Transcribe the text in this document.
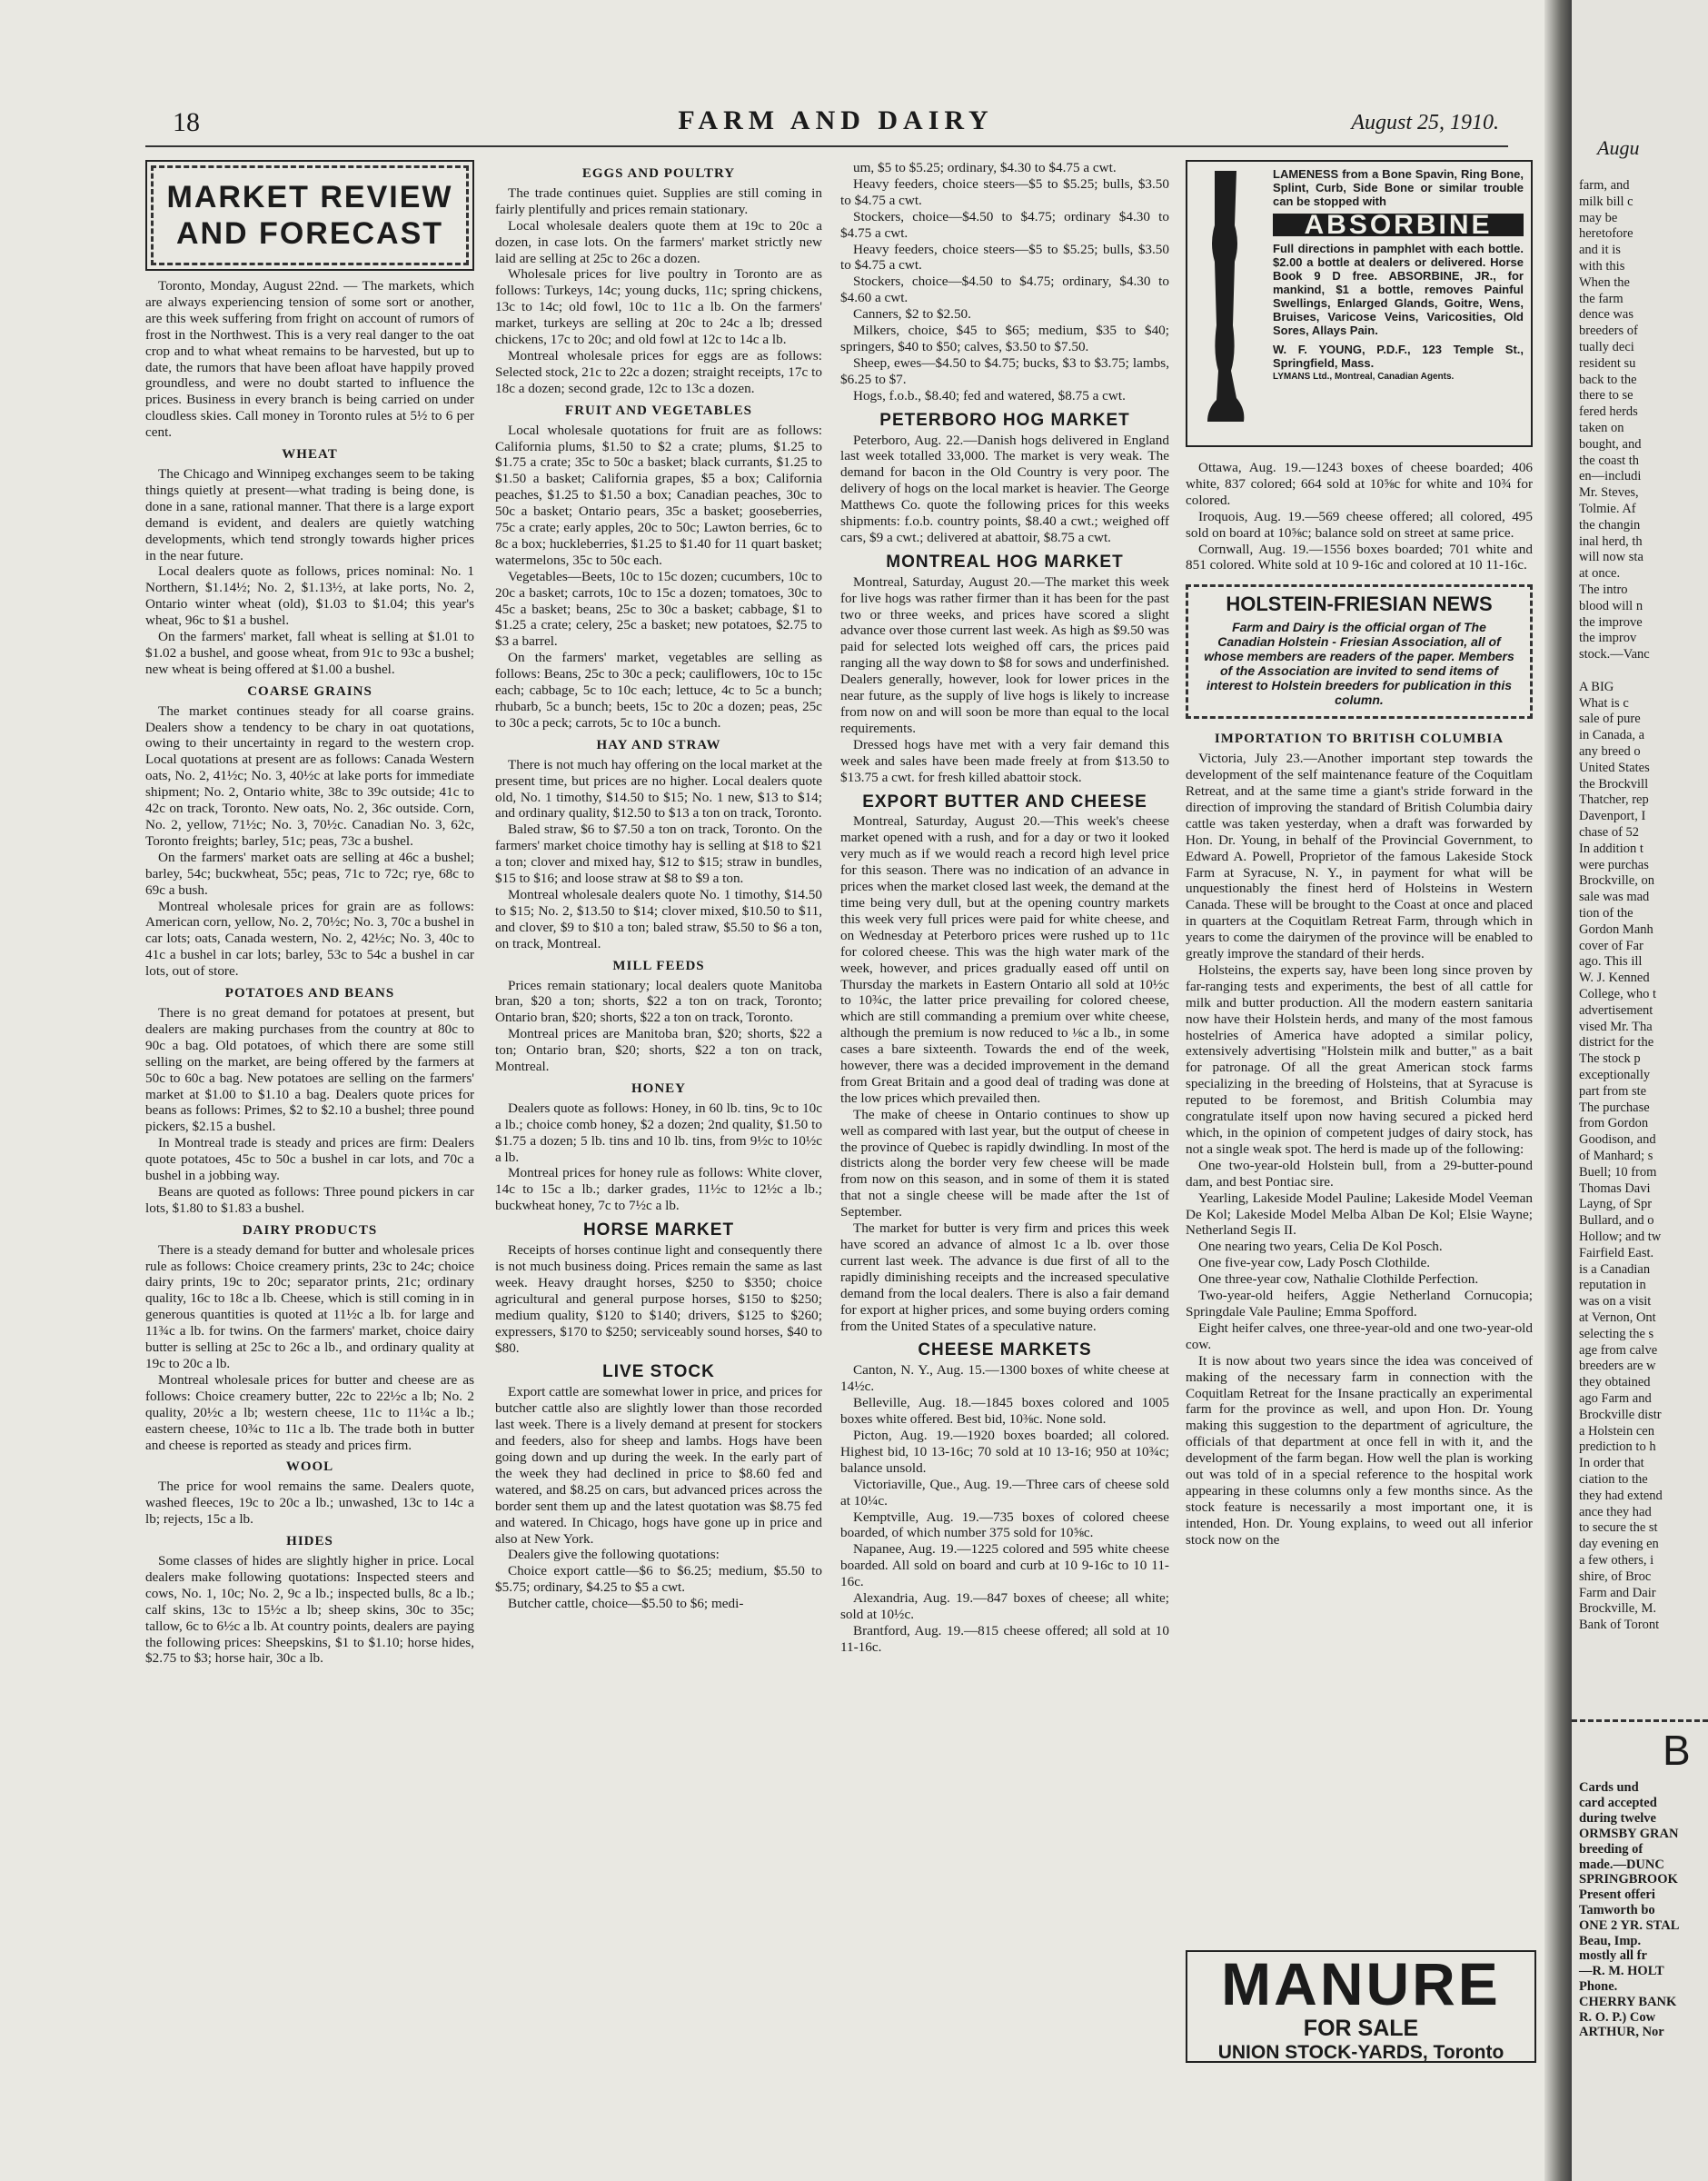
18	FARM AND DAIRY	August 25, 1910.
MARKET REVIEW AND FORECAST

Toronto, Monday, August 22nd. — The markets, which are always experiencing tension of some sort or another, are this week suffering from fright on account of rumors of frost in the Northwest. This is a very real danger to the oat crop and to what wheat remains to be harvested, but up to date, the rumors that have been afloat have happily proved groundless, and were no doubt started to influence the prices. Business in every branch is being carried on under cloudless skies. Call money in Toronto rules at 5½ to 6 per cent.

WHEAT

The Chicago and Winnipeg exchanges seem to be taking things quietly at present—what trading is being done, is done in a sane, rational manner. That there is a large export demand is evident, and dealers are quietly watching developments, which tend strongly towards higher prices in the near future.

Local dealers quote as follows, prices nominal: No. 1 Northern, $1.14½; No. 2, $1.13½, at lake ports, No. 2, Ontario winter wheat (old), $1.03 to $1.04; this year's wheat, 96c to $1 a bushel.

On the farmers' market, fall wheat is selling at $1.01 to $1.02 a bushel, and goose wheat, from 91c to 93c a bushel; new wheat is being offered at $1.00 a bushel.

COARSE GRAINS

The market continues steady for all coarse grains. Dealers show a tendency to be chary in oat quotations, owing to their uncertainty in regard to the western crop. Local quotations at present are as follows: Canada Western oats, No. 2, 41½c; No. 3, 40½c at lake ports for immediate shipment; No. 2, Ontario white, 38c to 39c outside; 41c to 42c on track, Toronto. New oats, No. 2, 36c outside. Corn, No. 2, yellow, 71½c; No. 3, 70½c. Canadian No. 3, 62c, Toronto freights; barley, 51c; peas, 73c a bushel.

On the farmers' market oats are selling at 46c a bushel; barley, 54c; buckwheat, 55c; peas, 71c to 72c; rye, 68c to 69c a bush.

Montreal wholesale prices for grain are as follows: American corn, yellow, No. 2, 70½c; No. 3, 70c a bushel in car lots; oats, Canada western, No. 2, 42½c; No. 3, 40c to 41c a bushel in car lots; barley, 53c to 54c a bushel in car lots, out of store.

POTATOES AND BEANS

There is no great demand for potatoes at present, but dealers are making purchases from the country at 80c to 90c a bag. Old potatoes, of which there are some still selling on the market, are being offered by the farmers at 50c to 60c a bag. New potatoes are selling on the farmers' market at $1.00 to $1.10 a bag. Dealers quote prices for beans as follows: Primes, $2 to $2.10 a bushel; three pound pickers, $2.15 a bushel.

In Montreal trade is steady and prices are firm: Dealers quote potatoes, 45c to 50c a bushel in car lots, and 70c a bushel in a jobbing way.

Beans are quoted as follows: Three pound pickers in car lots, $1.80 to $1.83 a bushel.

DAIRY PRODUCTS

There is a steady demand for butter and wholesale prices rule as follows: Choice creamery prints, 23c to 24c; choice dairy prints, 19c to 20c; separator prints, 21c; ordinary quality, 16c to 18c a lb. Cheese, which is still coming in in generous quantities is quoted at 11½c a lb. for large and 11¾c a lb. for twins. On the farmers' market, choice dairy butter is selling at 25c to 26c a lb., and ordinary quality at 19c to 20c a lb.

Montreal wholesale prices for butter and cheese are as follows: Choice creamery butter, 22c to 22½c a lb; No. 2 quality, 20½c a lb; western cheese, 11c to 11¼c a lb.; eastern cheese, 10¾c to 11c a lb. The trade both in butter and cheese is reported as steady and prices firm.

WOOL

The price for wool remains the same. Dealers quote, washed fleeces, 19c to 20c a lb.; unwashed, 13c to 14c a lb; rejects, 15c a lb.

HIDES

Some classes of hides are slightly higher in price. Local dealers make following quotations: Inspected steers and cows, No. 1, 10c; No. 2, 9c a lb.; inspected bulls, 8c a lb.; calf skins, 13c to 15½c a lb; sheep skins, 30c to 35c; tallow, 6c to 6½c a lb. At country points, dealers are paying the following prices: Sheepskins, $1 to $1.10; horse hides, $2.75 to $3; horse hair, 30c a lb.

EGGS AND POULTRY

The trade continues quiet. Supplies are still coming in fairly plentifully and prices remain stationary.

Local wholesale dealers quote them at 19c to 20c a dozen, in case lots. On the farmers' market strictly new laid are selling at 25c to 26c a dozen.

Wholesale prices for live poultry in Toronto are as follows: Turkeys, 14c; young ducks, 11c; spring chickens, 13c to 14c; old fowl, 10c to 11c a lb. On the farmers' market, turkeys are selling at 20c to 24c a lb; dressed chickens, 17c to 20c; and old fowl at 12c to 14c a lb.

Montreal wholesale prices for eggs are as follows: Selected stock, 21c to 22c a dozen; straight receipts, 17c to 18c a dozen; second grade, 12c to 13c a dozen.

FRUIT AND VEGETABLES

Local wholesale quotations for fruit are as follows: California plums, $1.50 to $2 a crate; plums, $1.25 to $1.75 a crate; 35c to 50c a basket; black currants, $1.25 to $1.50 a basket; California grapes, $5 a box; California peaches, $1.25 to $1.50 a box; Canadian peaches, 30c to 50c a basket; Ontario pears, 35c a basket; gooseberries, 75c a crate; early apples, 20c to 50c; Lawton berries, 6c to 8c a box; huckleberries, $1.25 to $1.40 for 11 quart basket; watermelons, 35c to 50c each.

Vegetables—Beets, 10c to 15c dozen; cucumbers, 10c to 20c a basket; carrots, 10c to 15c a dozen; tomatoes, 30c to 45c a basket; beans, 25c to 30c a basket; cabbage, $1 to $1.25 a crate; celery, 25c a basket; new potatoes, $2.75 to $3 a barrel.

On the farmers' market, vegetables are selling as follows: Beans, 25c to 30c a peck; cauliflowers, 10c to 15c each; cabbage, 5c to 10c each; lettuce, 4c to 5c a bunch; rhubarb, 5c a bunch; beets, 15c to 20c a dozen; peas, 25c to 30c a peck; carrots, 5c to 10c a bunch.

HAY AND STRAW

There is not much hay offering on the local market at the present time, but prices are no higher. Local dealers quote old, No. 1 timothy, $14.50 to $15; No. 1 new, $13 to $14; and ordinary quality, $12.50 to $13 a ton on track, Toronto.

Baled straw, $6 to $7.50 a ton on track, Toronto. On the farmers' market choice timothy hay is selling at $18 to $21 a ton; clover and mixed hay, $12 to $15; straw in bundles, $15 to $16; and loose straw at $8 to $9 a ton.

Montreal wholesale dealers quote No. 1 timothy, $14.50 to $15; No. 2, $13.50 to $14; clover mixed, $10.50 to $11, and clover, $9 to $10 a ton; baled straw, $5.50 to $6 a ton, on track, Montreal.

MILL FEEDS

Prices remain stationary; local dealers quote Manitoba bran, $20 a ton; shorts, $22 a ton on track, Toronto; Ontario bran, $20; shorts, $22 a ton on track, Toronto.

Montreal prices are Manitoba bran, $20; shorts, $22 a ton; Ontario bran, $20; shorts, $22 a ton on track, Montreal.

HONEY

Dealers quote as follows: Honey, in 60 lb. tins, 9c to 10c a lb.; choice comb honey, $2 a dozen; 2nd quality, $1.50 to $1.75 a dozen; 5 lb. tins and 10 lb. tins, from 9½c to 10½c a lb.

Montreal prices for honey rule as follows: White clover, 14c to 15c a lb.; darker grades, 11½c to 12½c a lb.; buckwheat honey, 7c to 7½c a lb.

HORSE MARKET

Receipts of horses continue light and consequently there is not much business doing. Prices remain the same as last week. Heavy draught horses, $250 to $350; choice agricultural and general purpose horses, $150 to $250; medium quality, $120 to $140; drivers, $125 to $260; expressers, $170 to $250; serviceably sound horses, $40 to $80.

LIVE STOCK

Export cattle are somewhat lower in price, and prices for butcher cattle also are slightly lower than those recorded last week. There is a lively demand at present for stockers and feeders, also for sheep and lambs. Hogs have been going down and up during the week. In the early part of the week they had declined in price to $8.60 fed and watered, and $8.25 on cars, but advanced prices across the border sent them up and the latest quotation was $8.75 fed and watered. In Chicago, hogs have gone up in price and also at New York.

Dealers give the following quotations:

Choice export cattle—$6 to $6.25; medium, $5.50 to $5.75; ordinary, $4.25 to $5 a cwt.

Butcher cattle, choice—$5.50 to $6; medi-

um, $5 to $5.25; ordinary, $4.30 to $4.75 a cwt.

Heavy feeders, choice steers—$5 to $5.25; bulls, $3.50 to $4.75 a cwt.

Stockers, choice—$4.50 to $4.75; ordinary $4.30 to $4.75 a cwt.

Heavy feeders, choice steers—$5 to $5.25; bulls, $3.50 to $4.75 a cwt.

Stockers, choice—$4.50 to $4.75; ordinary, $4.30 to $4.60 a cwt.

Canners, $2 to $2.50.

Milkers, choice, $45 to $65; medium, $35 to $40; springers, $40 to $50; calves, $3.50 to $7.50.

Sheep, ewes—$4.50 to $4.75; bucks, $3 to $3.75; lambs, $6.25 to $7.

Hogs, f.o.b., $8.40; fed and watered, $8.75 a cwt.

PETERBORO HOG MARKET

Peterboro, Aug. 22.—Danish hogs delivered in England last week totalled 33,000. The market is very weak. The demand for bacon in the Old Country is very poor. The delivery of hogs on the local market is heavier. The George Matthews Co. quote the following prices for this weeks shipments: f.o.b. country points, $8.40 a cwt.; weighed off cars, $9 a cwt.; delivered at abattoir, $8.75 a cwt.

MONTREAL HOG MARKET

Montreal, Saturday, August 20.—The market this week for live hogs was rather firmer than it has been for the past two or three weeks, and prices have scored a slight advance over those current last week. As high as $9.50 was paid for selected lots weighed off cars, the prices paid ranging all the way down to $8 for sows and underfinished. Dealers generally, however, look for lower prices in the near future, as the supply of live hogs is likely to increase from now on and will soon be more than equal to the local requirements.

Dressed hogs have met with a very fair demand this week and sales have been made freely at from $13.50 to $13.75 a cwt. for fresh killed abattoir stock.

EXPORT BUTTER AND CHEESE

Montreal, Saturday, August 20.—This week's cheese market opened with a rush, and for a day or two it looked very much as if we would reach a record high level price for this season. There was no indication of an advance in prices when the market closed last week, the demand at the time being very dull, but at the opening country markets this week very full prices were paid for white cheese, and on Wednesday at Peterboro prices were rushed up to 11c for colored cheese. This was the high water mark of the week, however, and prices gradually eased off until on Thursday the markets in Eastern Ontario all sold at 10½c to 10¾c, the latter price prevailing for colored cheese, which are still commanding a premium over white cheese, although the premium is now reduced to ⅛c a lb., in some cases a bare sixteenth. Towards the end of the week, however, there was a decided improvement in the demand from Great Britain and a good deal of trading was done at the low prices which prevailed then.

The make of cheese in Ontario continues to show up well as compared with last year, but the output of cheese in the province of Quebec is rapidly dwindling. In most of the districts along the border very few cheese will be made from now on this season, and in some of them it is stated that not a single cheese will be made after the 1st of September.

The market for butter is very firm and prices this week have scored an advance of almost 1c a lb. over those current last week. The advance is due first of all to the rapidly diminishing receipts and the increased speculative demand from the local dealers. There is also a fair demand for export at higher prices, and some buying orders coming from the United States of a speculative nature.

CHEESE MARKETS

Canton, N. Y., Aug. 15.—1300 boxes of white cheese at 14½c.

Belleville, Aug. 18.—1845 boxes colored and 1005 boxes white offered. Best bid, 10⅜c. None sold.

Picton, Aug. 19.—1920 boxes boarded; all colored. Highest bid, 10 13-16c; 70 sold at 10 13-16; 950 at 10¾c; balance unsold.

Victoriaville, Que., Aug. 19.—Three cars of cheese sold at 10¼c.

Kemptville, Aug. 19.—735 boxes of colored cheese boarded, of which number 375 sold for 10⅝c.

Napanee, Aug. 19.—1225 colored and 595 white cheese boarded. All sold on board and curb at 10 9-16c to 10 11-16c.

Alexandria, Aug. 19.—847 boxes of cheese; all white; sold at 10½c.

Brantford, Aug. 19.—815 cheese offered; all sold at 10 11-16c.

LAMENESS from a Bone Spavin, Ring Bone, Splint, Curb, Side Bone or similar trouble can be stopped with
ABSORBINE
Full directions in pamphlet with each bottle. $2.00 a bottle at dealers or delivered. Horse Book 9 D free. ABSORBINE, JR., for mankind, $1 a bottle, removes Painful Swellings, Enlarged Glands, Goitre, Wens, Bruises, Varicose Veins, Varicosities, Old Sores, Allays Pain.
W. F. YOUNG, P.D.F., 123 Temple St., Springfield, Mass.
LYMANS Ltd., Montreal, Canadian Agents.

Ottawa, Aug. 19.—1243 boxes of cheese boarded; 406 white, 837 colored; 664 sold at 10⅝c for white and 10¾ for colored.

Iroquois, Aug. 19.—569 cheese offered; all colored, 495 sold on board at 10⅝c; balance sold on street at same price.

Cornwall, Aug. 19.—1556 boxes boarded; 701 white and 851 colored. White sold at 10 9-16c and colored at 10 11-16c.

HOLSTEIN-FRIESIAN NEWS
Farm and Dairy is the official organ of The Canadian Holstein - Friesian Association, all of whose members are readers of the paper. Members of the Association are invited to send items of interest to Holstein breeders for publication in this column.
IMPORTATION TO BRITISH COLUMBIA

Victoria, July 23.—Another important step towards the development of the self maintenance feature of the Coquitlam Retreat, and at the same time a giant's stride forward in the direction of improving the standard of British Columbia dairy cattle was taken yesterday, when a draft was forwarded by Hon. Dr. Young, in behalf of the Provincial Government, to Edward A. Powell, Proprietor of the famous Lakeside Stock Farm at Syracuse, N. Y., in payment for what will be unquestionably the finest herd of Holsteins in Western Canada. These will be brought to the Coast at once and placed in quarters at the Coquitlam Retreat Farm, through which in years to come the dairymen of the province will be enabled to greatly improve the standard of their herds.

Holsteins, the experts say, have been long since proven by far-ranging tests and experiments, the best of all cattle for milk and butter production. All the modern eastern sanitaria now have their Holstein herds, and many of the most famous hostelries of America have adopted a similar policy, extensively advertising "Holstein milk and butter," as a bait for patronage. Of all the great American stock farms specializing in the breeding of Holsteins, that at Syracuse is reputed to be foremost, and British Columbia may congratulate itself upon now having secured a picked herd which, in the opinion of competent judges of dairy stock, has not a single weak spot. The herd is made up of the following:

One two-year-old Holstein bull, from a 29-butter-pound dam, and best Pontiac sire.

Yearling, Lakeside Model Pauline; Lakeside Model Veeman De Kol; Lakeside Model Melba Alban De Kol; Elsie Wayne; Netherland Segis II.

One nearing two years, Celia De Kol Posch.

One five-year cow, Lady Posch Clothilde.

One three-year cow, Nathalie Clothilde Perfection.

Two-year-old heifers, Aggie Netherland Cornucopia; Springdale Vale Pauline; Emma Spofford.

Eight heifer calves, one three-year-old and one two-year-old cow.

It is now about two years since the idea was conceived of making of the necessary farm in connection with the Coquitlam Retreat for the Insane practically an experimental farm for the province as well, and upon Hon. Dr. Young making this suggestion to the department of agriculture, the officials of that department at once fell in with it, and the development of the farm began. How well the plan is working out was told of in a special reference to the hospital work appearing in these columns only a few months since. As the stock feature is necessarily a most important one, it is intended, Hon. Dr. Young explains, to weed out all inferior stock now on the

MANURE
FOR SALE
UNION STOCK-YARDS, Toronto
Augu
farm, and
milk bill c
may be
heretofore
and it is
with this
When the
the farm
dence was
breeders of
tually deci
resident su
back to the
there to se
fered herds
taken on
bought, and
the coast th
en—includi
Mr. Steves,
Tolmie. Af
the changin
inal herd, th
will now sta
at once.
The intro
blood will n
the improve
the improv
stock.—Vanc
A BIG
What is c
sale of pure
in Canada, a
any breed o
United States
the Brockvill
Thatcher, rep
Davenport, I
chase of 52
In addition t
were purchas
Brockville, on
sale was mad
tion of the
Gordon Manh
cover of Far
ago. This ill
W. J. Kenned
College, who t
advertisement
vised Mr. Tha
district for the
The stock p
exceptionally
part from ste
The purchase
from Gordon
Goodison, and
of Manhard; s
Buell; 10 from
Thomas Davi
Layng, of Spr
Bullard, and o
Hollow; and tw
Fairfield East.
is a Canadian
reputation in
was on a visit
at Vernon, Ont
selecting the s
age from calve
breeders are w
they obtained
ago Farm and
Brockville distr
a Holstein cen
prediction to h
In order that
ciation to the
they had extend
ance they had
to secure the st
day evening en
a few others, i
shire, of Broc
Farm and Dair
Brockville, M.
Bank of Toront
B
Cards und
card accepted
during twelve
ORMSBY GRAN
breeding of
made.—DUNC
SPRINGBROOK
Present offeri
Tamworth bo
ONE 2 YR. STAL
Beau, Imp.
mostly all fr
—R. M. HOLT
Phone.
CHERRY BANK
R. O. P.) Cow
ARTHUR, Nor
